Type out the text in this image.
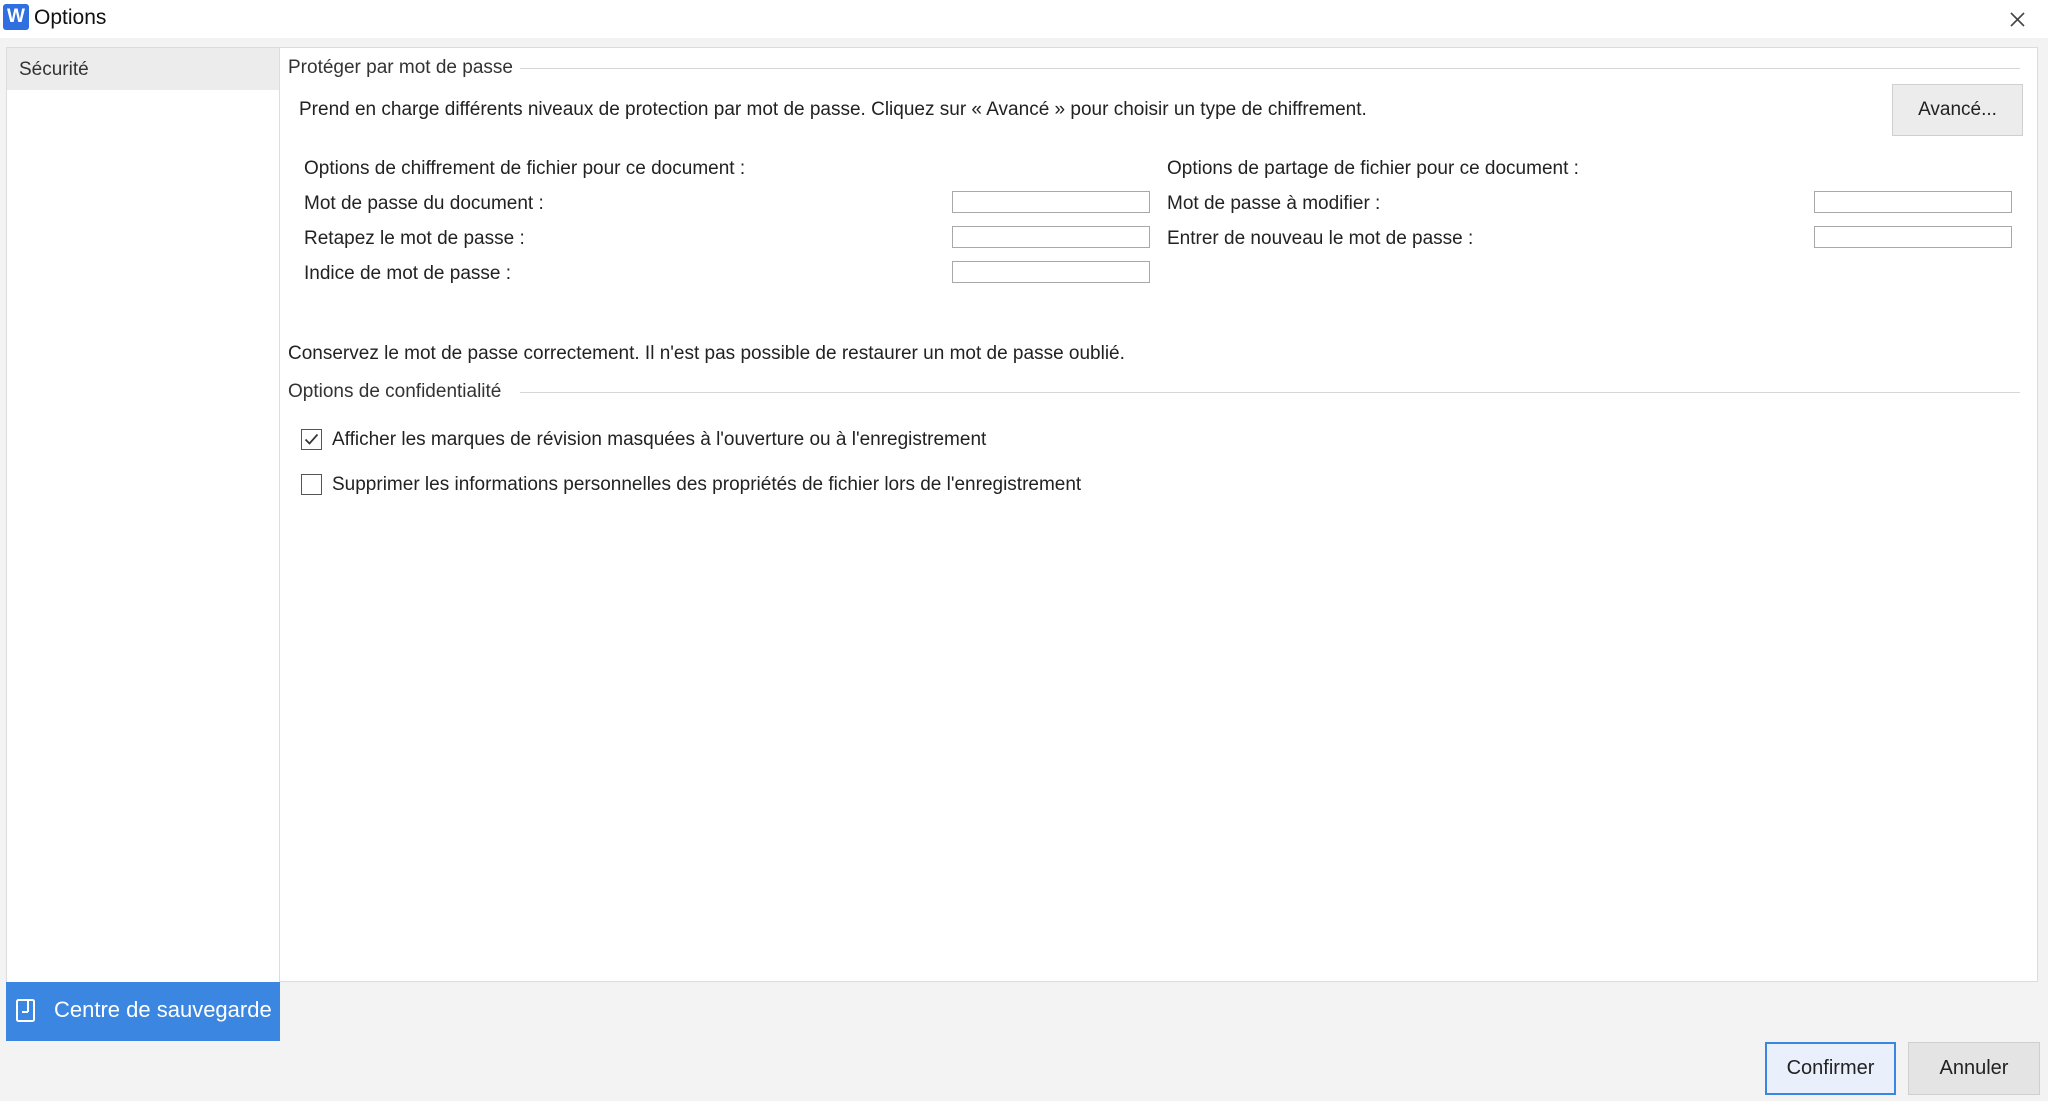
W Options
Sécurité
Centre de sauvegarde
Protéger par mot de passe
Prend en charge différents niveaux de protection par mot de passe. Cliquez sur « Avancé » pour choisir un type de chiffrement.	Avancé...
Options de chiffrement de fichier pour ce document :
Mot de passe du document :
Retapez le mot de passe :
Indice de mot de passe :
Options de partage de fichier pour ce document :
Mot de passe à modifier :
Entrer de nouveau le mot de passe :
Conservez le mot de passe correctement. Il n'est pas possible de restaurer un mot de passe oublié.
Options de confidentialité
Afficher les marques de révision masquées à l'ouverture ou à l'enregistrement
Supprimer les informations personnelles des propriétés de fichier lors de l'enregistrement
Confirmer	Annuler
